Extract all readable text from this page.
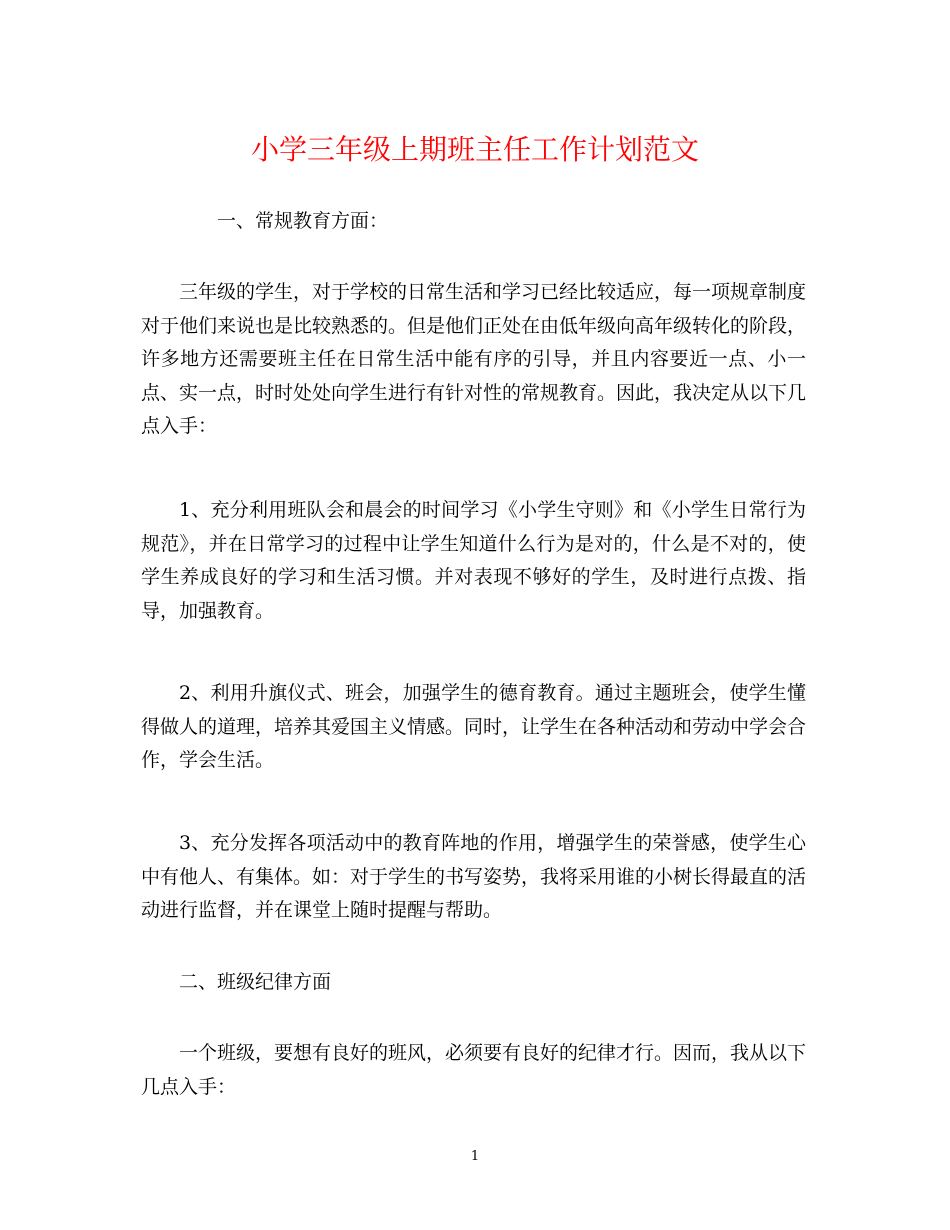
小学三年级上期班主任工作计划范文

一、常规教育方面：

三年级的学生，对于学校的日常生活和学习已经比较适应，每一项规章制度对于他们来说也是比较熟悉的。但是他们正处在由低年级向高年级转化的阶段，许多地方还需要班主任在日常生活中能有序的引导，并且内容要近一点、小一点、实一点，时时处处向学生进行有针对性的常规教育。因此，我决定从以下几点入手：

1、充分利用班队会和晨会的时间学习《小学生守则》和《小学生日常行为规范》，并在日常学习的过程中让学生知道什么行为是对的，什么是不对的，使学生养成良好的学习和生活习惯。并对表现不够好的学生，及时进行点拨、指导，加强教育。

2、利用升旗仪式、班会，加强学生的德育教育。通过主题班会，使学生懂得做人的道理，培养其爱国主义情感。同时，让学生在各种活动和劳动中学会合作，学会生活。

3、充分发挥各项活动中的教育阵地的作用，增强学生的荣誉感，使学生心中有他人、有集体。如：对于学生的书写姿势，我将采用谁的小树长得最直的活动进行监督，并在课堂上随时提醒与帮助。

二、班级纪律方面

一个班级，要想有良好的班风，必须要有良好的纪律才行。因而，我从以下几点入手：

1
